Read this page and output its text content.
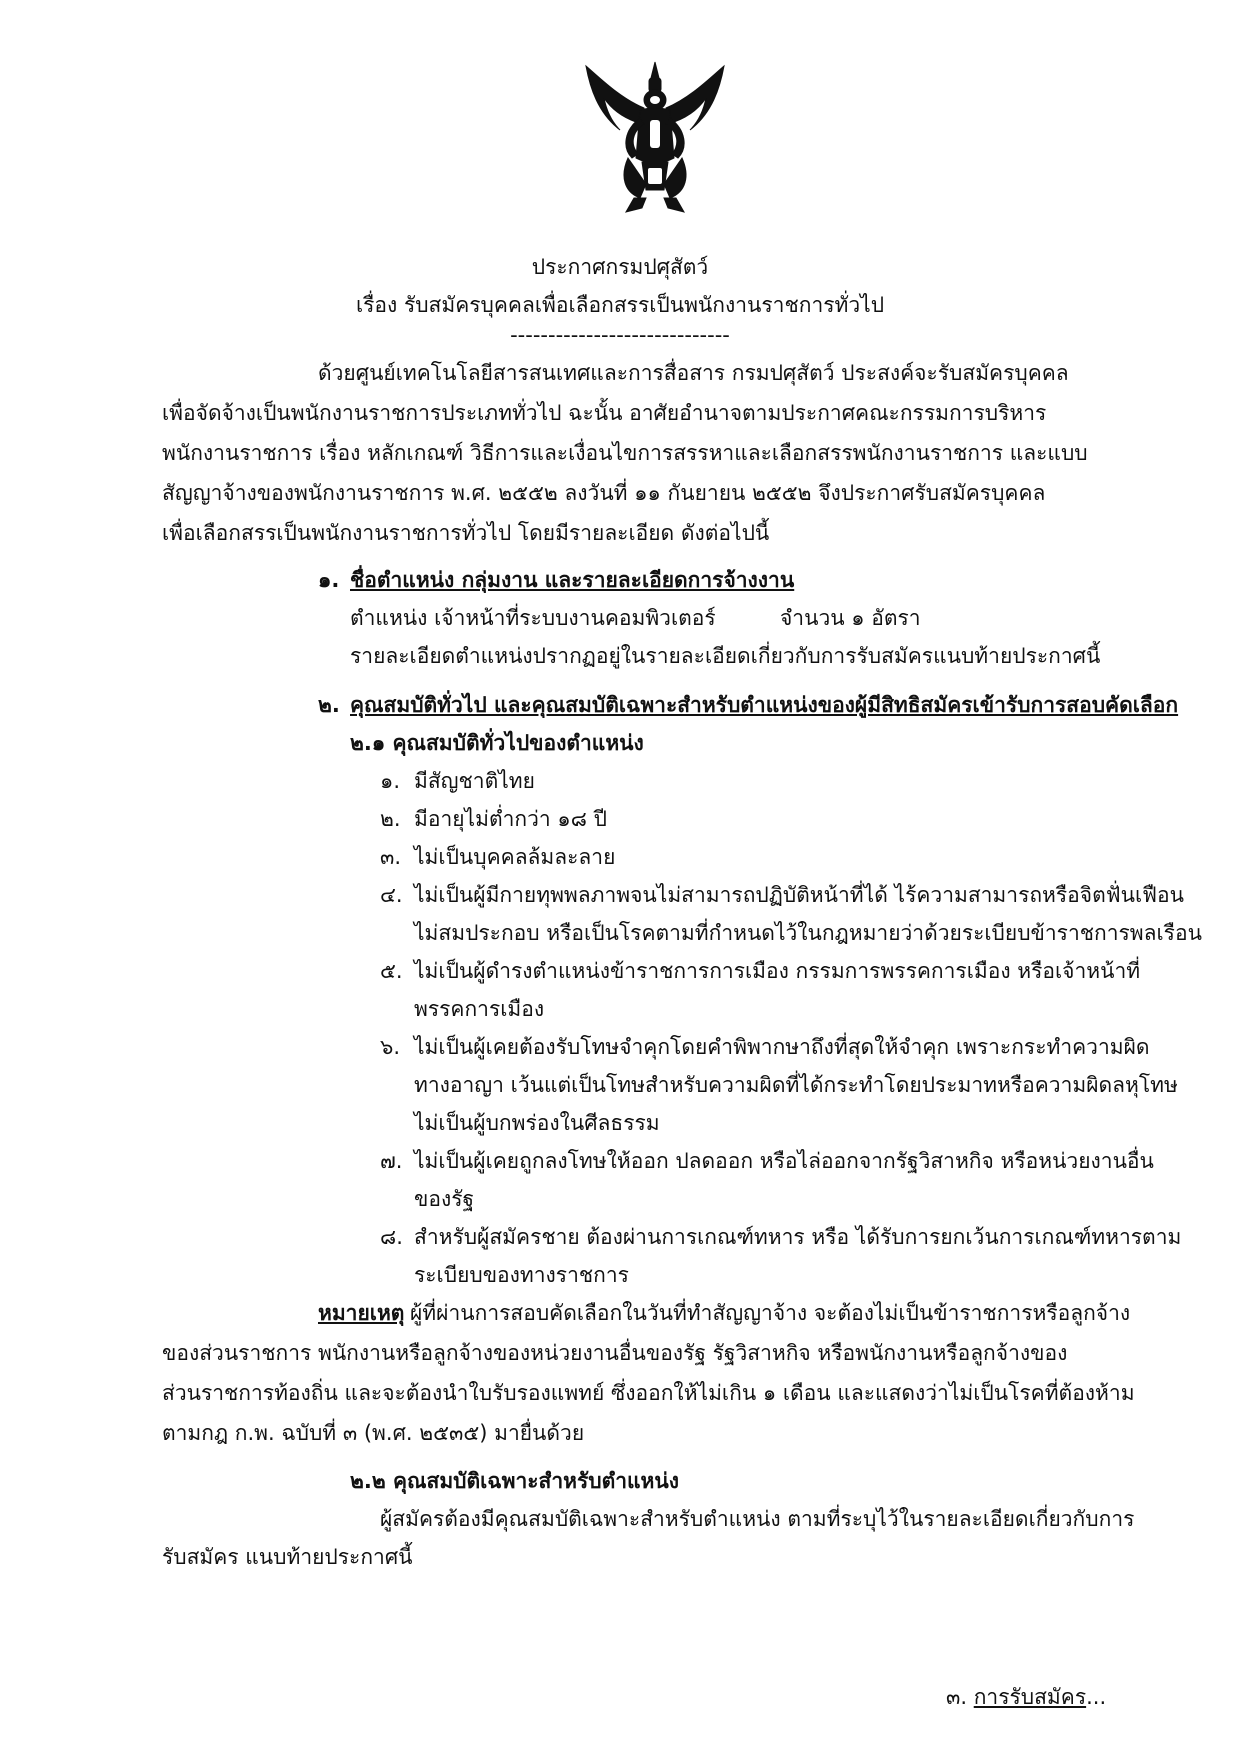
ประกาศกรมปศุสัตว์
เรื่อง รับสมัครบุคคลเพื่อเลือกสรรเป็นพนักงานราชการทั่วไป
-----------------------------
ด้วยศูนย์เทคโนโลยีสารสนเทศและการสื่อสาร กรมปศุสัตว์ ประสงค์จะรับสมัครบุคคล
เพื่อจัดจ้างเป็นพนักงานราชการประเภททั่วไป ฉะนั้น อาศัยอำนาจตามประกาศคณะกรรมการบริหาร
พนักงานราชการ เรื่อง หลักเกณฑ์ วิธีการและเงื่อนไขการสรรหาและเลือกสรรพนักงานราชการ และแบบ
สัญญาจ้างของพนักงานราชการ พ.ศ. ๒๕๕๒ ลงวันที่ ๑๑ กันยายน ๒๕๕๒ จึงประกาศรับสมัครบุคคล
เพื่อเลือกสรรเป็นพนักงานราชการทั่วไป โดยมีรายละเอียด ดังต่อไปนี้
๑. ชื่อตำแหน่ง กลุ่มงาน และรายละเอียดการจ้างงาน
ตำแหน่ง เจ้าหน้าที่ระบบงานคอมพิวเตอร์	จำนวน ๑ อัตรา
รายละเอียดตำแหน่งปรากฏอยู่ในรายละเอียดเกี่ยวกับการรับสมัครแนบท้ายประกาศนี้
๒. คุณสมบัติทั่วไป และคุณสมบัติเฉพาะสำหรับตำแหน่งของผู้มีสิทธิสมัครเข้ารับการสอบคัดเลือก
๒.๑ คุณสมบัติทั่วไปของตำแหน่ง
๑. มีสัญชาติไทย
๒. มีอายุไม่ต่ำกว่า ๑๘ ปี
๓. ไม่เป็นบุคคลล้มละลาย
๔. ไม่เป็นผู้มีกายทุพพลภาพจนไม่สามารถปฏิบัติหน้าที่ได้ ไร้ความสามารถหรือจิตฟั่นเฟือน
ไม่สมประกอบ หรือเป็นโรคตามที่กำหนดไว้ในกฎหมายว่าด้วยระเบียบข้าราชการพลเรือน
๕. ไม่เป็นผู้ดำรงตำแหน่งข้าราชการการเมือง กรรมการพรรคการเมือง หรือเจ้าหน้าที่
พรรคการเมือง
๖. ไม่เป็นผู้เคยต้องรับโทษจำคุกโดยคำพิพากษาถึงที่สุดให้จำคุก เพราะกระทำความผิด
ทางอาญา เว้นแต่เป็นโทษสำหรับความผิดที่ได้กระทำโดยประมาทหรือความผิดลหุโทษ
ไม่เป็นผู้บกพร่องในศีลธรรม
๗. ไม่เป็นผู้เคยถูกลงโทษให้ออก ปลดออก หรือไล่ออกจากรัฐวิสาหกิจ หรือหน่วยงานอื่น
ของรัฐ
๘. สำหรับผู้สมัครชาย ต้องผ่านการเกณฑ์ทหาร หรือ ได้รับการยกเว้นการเกณฑ์ทหารตาม
ระเบียบของทางราชการ
หมายเหตุ ผู้ที่ผ่านการสอบคัดเลือกในวันที่ทำสัญญาจ้าง จะต้องไม่เป็นข้าราชการหรือลูกจ้าง
ของส่วนราชการ พนักงานหรือลูกจ้างของหน่วยงานอื่นของรัฐ รัฐวิสาหกิจ หรือพนักงานหรือลูกจ้างของ
ส่วนราชการท้องถิ่น และจะต้องนำใบรับรองแพทย์ ซึ่งออกให้ไม่เกิน ๑ เดือน และแสดงว่าไม่เป็นโรคที่ต้องห้าม
ตามกฎ ก.พ. ฉบับที่ ๓ (พ.ศ. ๒๕๓๕) มายื่นด้วย
๒.๒ คุณสมบัติเฉพาะสำหรับตำแหน่ง
ผู้สมัครต้องมีคุณสมบัติเฉพาะสำหรับตำแหน่ง ตามที่ระบุไว้ในรายละเอียดเกี่ยวกับการ
รับสมัคร แนบท้ายประกาศนี้
๓. การรับสมัคร...
